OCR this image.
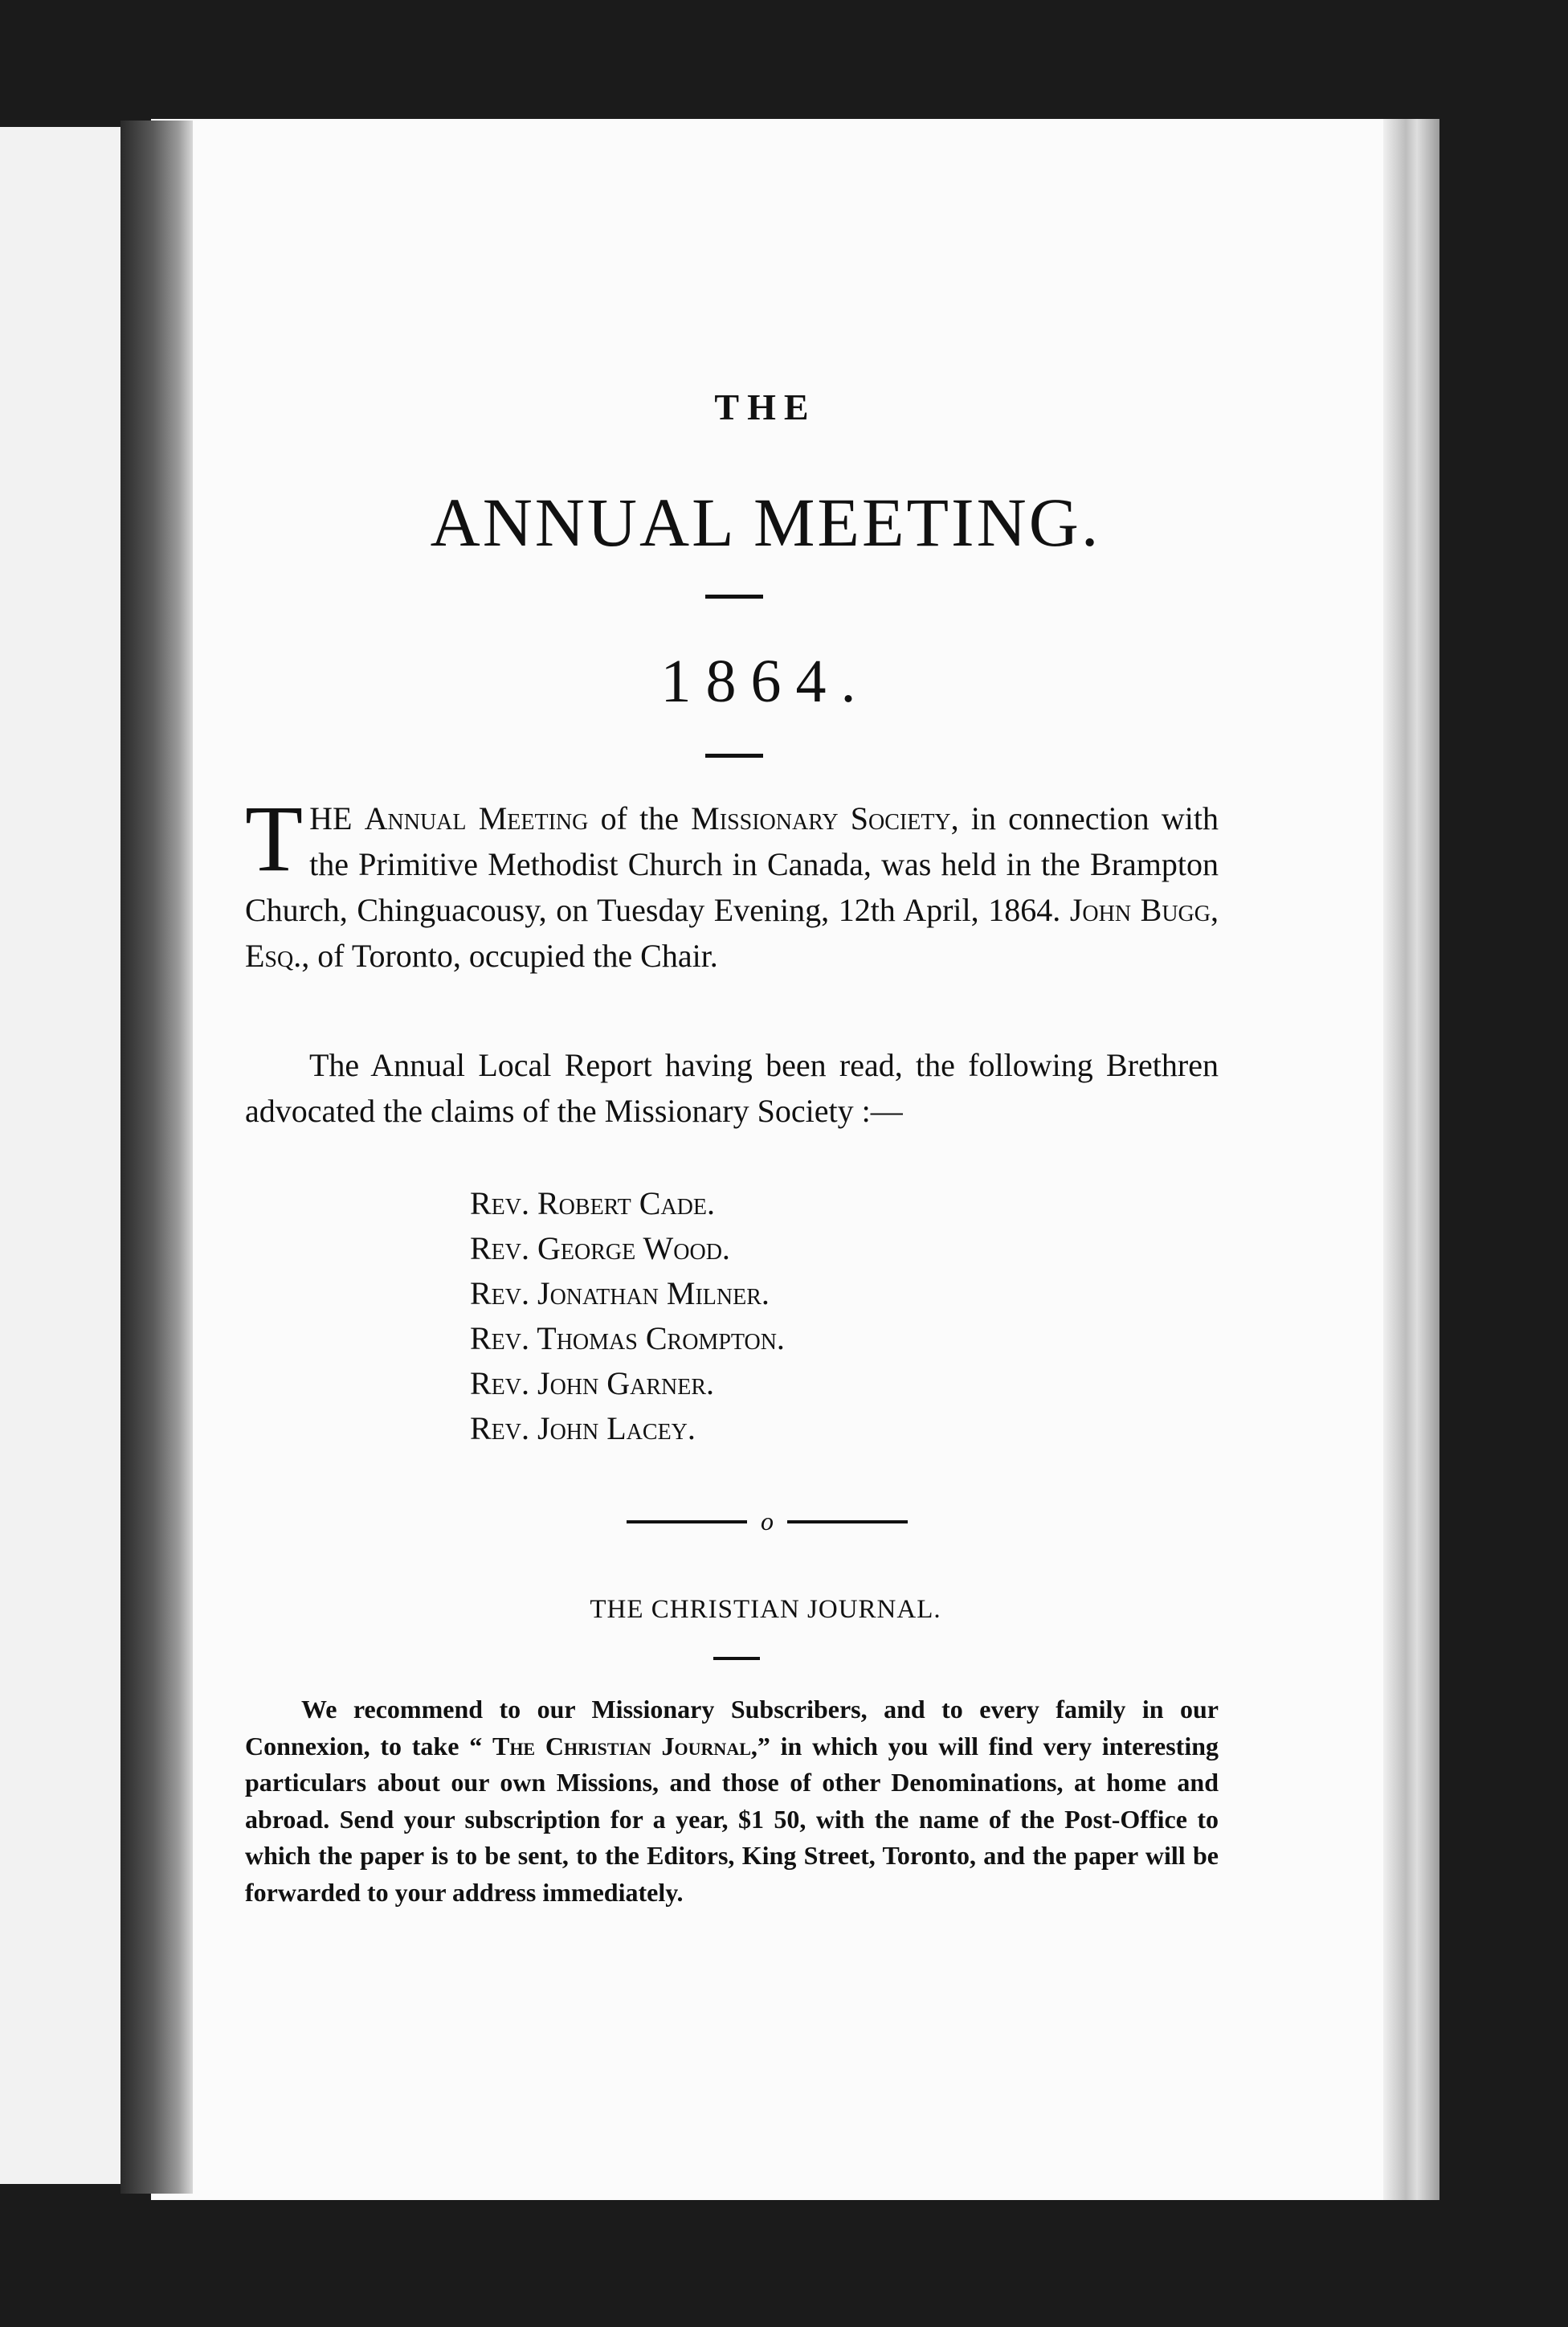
THE
ANNUAL MEETING.
1864.
T HE Annual Meeting of the Missionary Society, in connection with the Primitive Methodist Church in Canada, was held in the Brampton Church, Chinguacousy, on Tuesday Evening, 12th April, 1864. John Bugg, Esq., of Toronto, occupied the Chair.
The Annual Local Report having been read, the following Brethren advocated the claims of the Missionary Society :—
Rev. Robert Cade.
Rev. George Wood.
Rev. Jonathan Milner.
Rev. Thomas Crompton.
Rev. John Garner.
Rev. John Lacey.
o
THE CHRISTIAN JOURNAL.
We recommend to our Missionary Subscribers, and to every family in our Connexion, to take “ The Christian Journal,” in which you will find very interesting particulars about our own Missions, and those of other Denominations, at home and abroad. Send your subscription for a year, $1 50, with the name of the Post-Office to which the paper is to be sent, to the Editors, King Street, Toronto, and the paper will be forwarded to your address immediately.
